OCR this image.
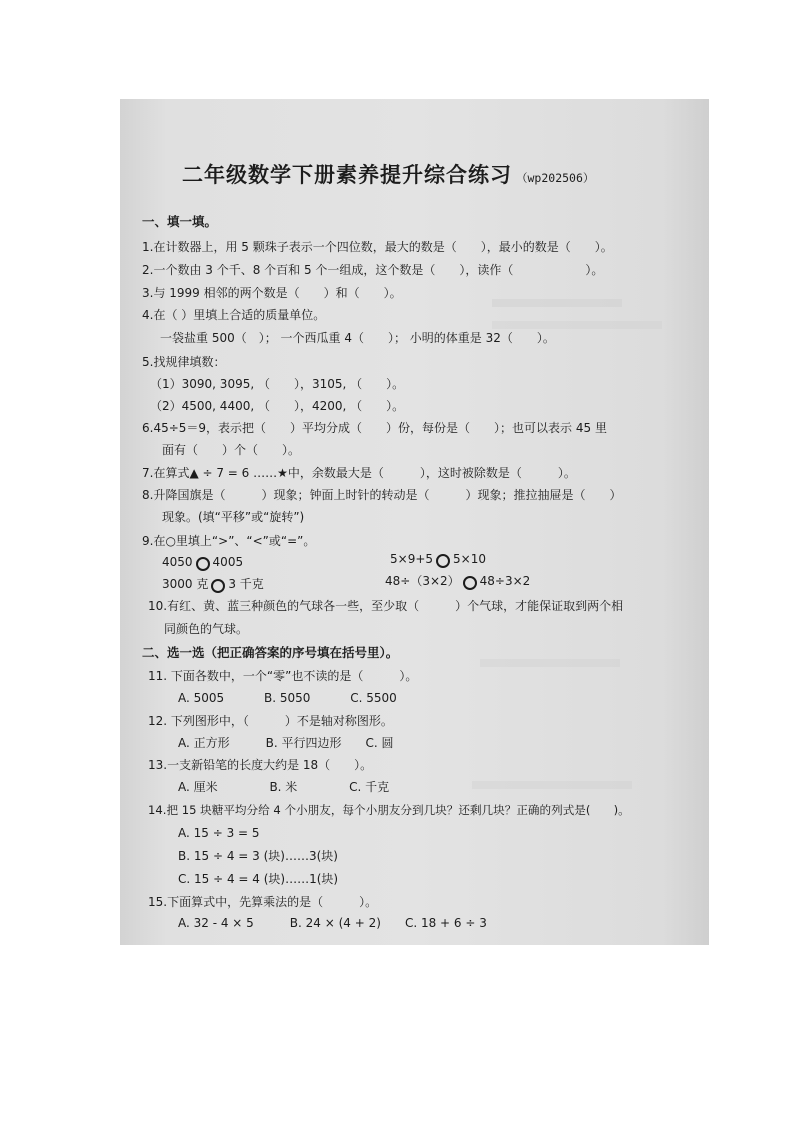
二年级数学下册素养提升综合练习 （wp202506）
一、填一填。
1.在计数器上，用 5 颗珠子表示一个四位数，最大的数是（　　），最小的数是（　　）。
2.一个数由 3 个千、8 个百和 5 个一组成，这个数是（　　），读作（　　　　　　）。
3.与 1999 相邻的两个数是（　　）和（　　）。
4.在（ ）里填上合适的质量单位。
一袋盐重 500（　）； 一个西瓜重 4（　　）； 小明的体重是 32（　　）。
5.找规律填数：
（1）3090, 3095, （　　），3105, （　　）。
（2）4500, 4400, （　　），4200, （　　）。
6.45÷5＝9，表示把（　　）平均分成（　　）份，每份是（　　）；也可以表示 45 里
面有（　　）个（　　）。
7.在算式▲ ÷ 7 = 6 ……★中，余数最大是（　　　），这时被除数是（　　　）。
8.升降国旗是（　　　）现象；钟面上时针的转动是（　　　）现象；推拉抽屉是（　　）
现象。(填“平移”或“旋转”)
9.在○里填上“>”、“<”或“=”。
4050 4005	5×9+5 5×10
3000 克 3 千克	48÷（3×2） 48÷3×2
10.有红、黄、蓝三种颜色的气球各一些，至少取（　　　）个气球，才能保证取到两个相
同颜色的气球。
二、选一选（把正确答案的序号填在括号里）。
11. 下面各数中，一个“零”也不读的是（　　　）。
A. 5005　　　 B. 5050　　　 C. 5500
12. 下列图形中，（　　　）不是轴对称图形。
A. 正方形　　　B. 平行四边形　　C. 圆
13.一支新铅笔的长度大约是 18（　　）。
A. 厘米　　　　 B. 米　　　　 C. 千克
14.把 15 块糖平均分给 4 个小朋友，每个小朋友分到几块？还剩几块？正确的列式是(　　)。
A. 15 ÷ 3 = 5
B. 15 ÷ 4 = 3 (块)……3(块)
C. 15 ÷ 4 = 4 (块)……1(块)
15.下面算式中，先算乘法的是（　　　）。
A. 32 - 4 × 5　　　B. 24 × (4 + 2)　　C. 18 + 6 ÷ 3
